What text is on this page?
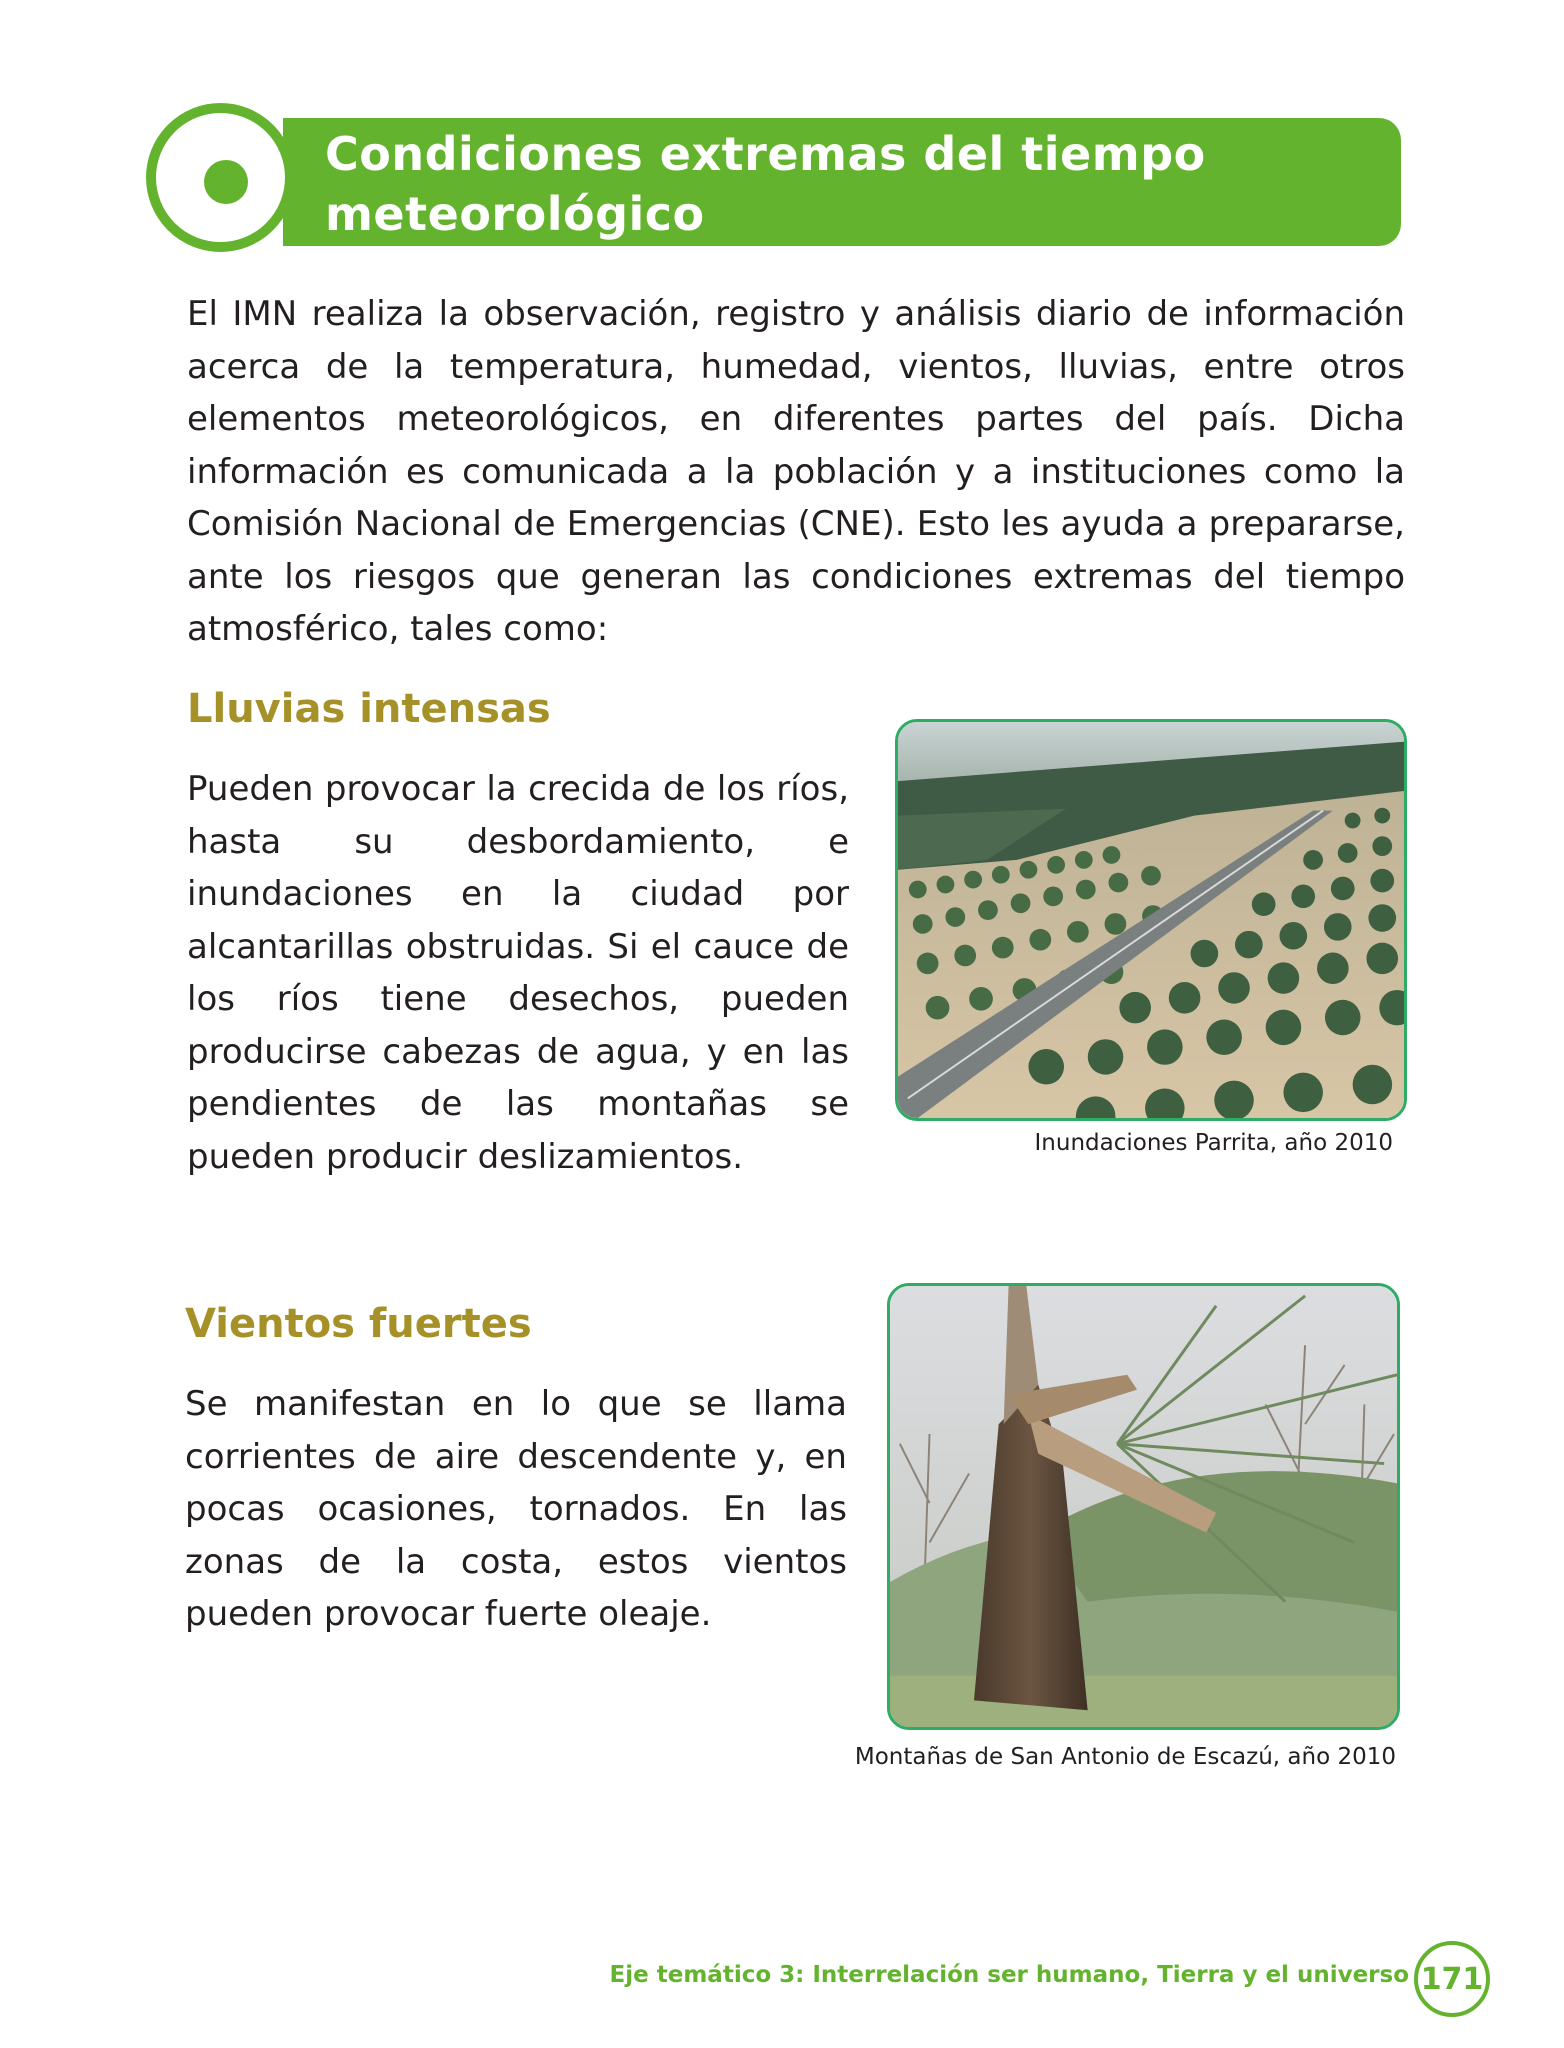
Condiciones extremas del tiempo meteorológico

El IMN realiza la observación, registro y análisis diario de información acerca de la temperatura, humedad, vientos, lluvias, entre otros elementos meteorológicos, en diferentes partes del país. Dicha información es comunicada a la población y a instituciones como la Comisión Nacional de Emergencias (CNE). Esto les ayuda a prepararse, ante los riesgos que generan las condiciones extremas del tiempo atmosférico, tales como:

Lluvias intensas

Pueden provocar la crecida de los ríos, hasta su desbordamiento, e inundaciones en la ciudad por alcantarillas obstruidas. Si el cauce de los ríos tiene desechos, pueden producirse cabezas de agua, y en las pendientes de las montañas se pueden producir deslizamientos.	Inundaciones Parrita, año 2010

Vientos fuertes

Se manifestan en lo que se llama corrientes de aire descendente y, en pocas ocasiones, tornados. En las zonas de la costa, estos vientos pueden provocar fuerte oleaje.

Montañas de San Antonio de Escazú, año 2010

Eje temático 3: Interrelación ser humano, Tierra y el universo 171
